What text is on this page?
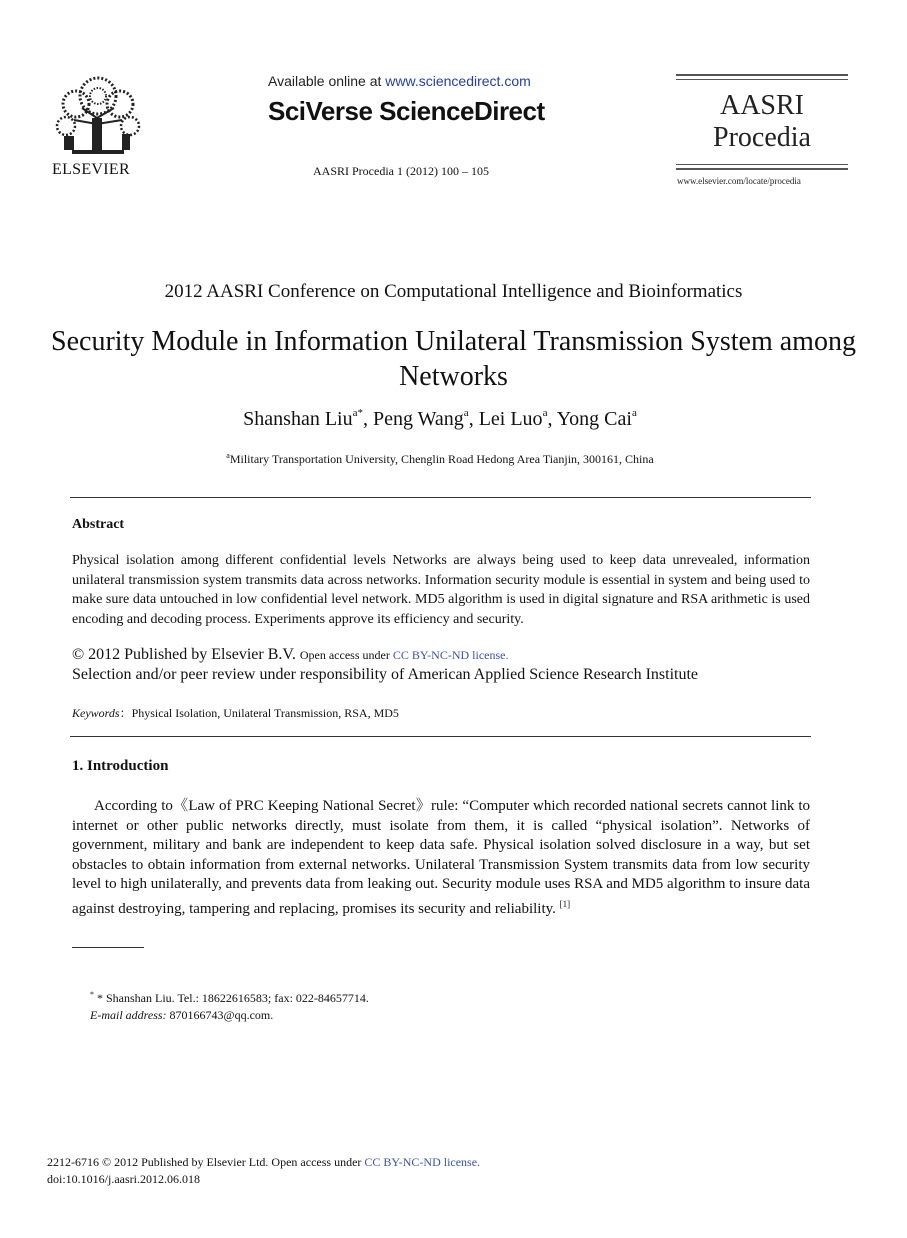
ELSEVIER
Available online at www.sciencedirect.com
SciVerse ScienceDirect
AASRI Procedia 1 (2012) 100 – 105
AASRI
Procedia
www.elsevier.com/locate/procedia
2012 AASRI Conference on Computational Intelligence and Bioinformatics
Security Module in Information Unilateral Transmission System among Networks
Shanshan Liu$^{a*}$, Peng Wang$^a$, Lei Luo$^a$, Yong Cai$^a$
$^a$Military Transportation University, Chenglin Road Hedong Area Tianjin, 300161, China
Abstract
Physical isolation among different confidential levels Networks are always being used to keep data unrevealed, information unilateral transmission system transmits data across networks. Information security module is essential in system and being used to make sure data untouched in low confidential level network. MD5 algorithm is used in digital signature and RSA arithmetic is used encoding and decoding process. Experiments approve its efficiency and security.
© 2012 Published by Elsevier B.V. Open access under CC BY-NC-ND license.
Selection and/or peer review under responsibility of American Applied Science Research Institute
Keywords：Physical Isolation, Unilateral Transmission, RSA, MD5
1. Introduction

According to《Law of PRC Keeping National Secret》rule: “Computer which recorded national secrets cannot link to internet or other public networks directly, must isolate from them, it is called “physical isolation”. Networks of government, military and bank are independent to keep data safe. Physical isolation solved disclosure in a way, but set obstacles to obtain information from external networks. Unilateral Transmission System transmits data from low security level to high unilaterally, and prevents data from leaking out. Security module uses RSA and MD5 algorithm to insure data against destroying, tampering and replacing, promises its security and reliability. [1]

* * Shanshan Liu. Tel.: 18622616583; fax: 022-84657714.
E-mail address: 870166743@qq.com.
2212-6716 © 2012 Published by Elsevier Ltd. Open access under CC BY-NC-ND license.
doi:10.1016/j.aasri.2012.06.018
